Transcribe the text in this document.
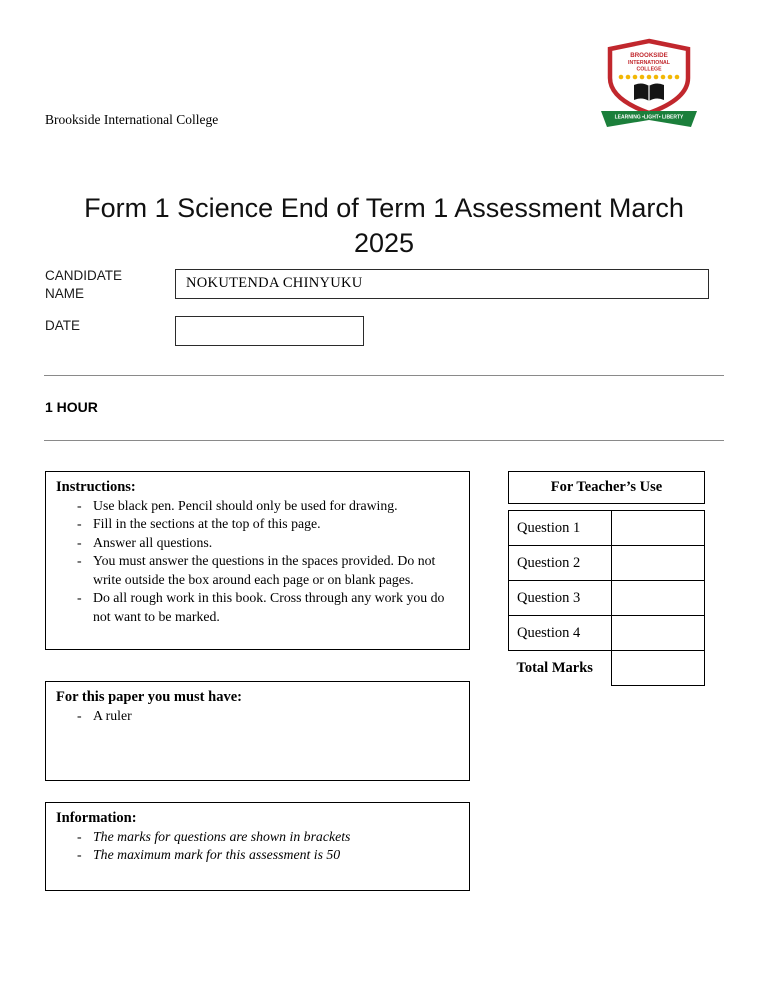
Brookside International College
BROOKSIDE
INTERNATIONAL
COLLEGE
LEARNING •LIGHT• LIBERTY
Form 1 Science End of Term 1 Assessment March 2025
CANDIDATE NAME
NOKUTENDA CHINYUKU
DATE
1 HOUR
Instructions:
- Use black pen. Pencil should only be used for drawing.
- Fill in the sections at the top of this page.
- Answer all questions.
- You must answer the questions in the spaces provided. Do not write outside the box around each page or on blank pages.
- Do all rough work in this book. Cross through any work you do not want to be marked.
For Teacher’s Use
Question 1	
Question 2	
Question 3	
Question 4	
Total Marks	
For this paper you must have:
- A ruler
Information:
- The marks for questions are shown in brackets
- The maximum mark for this assessment is 50
